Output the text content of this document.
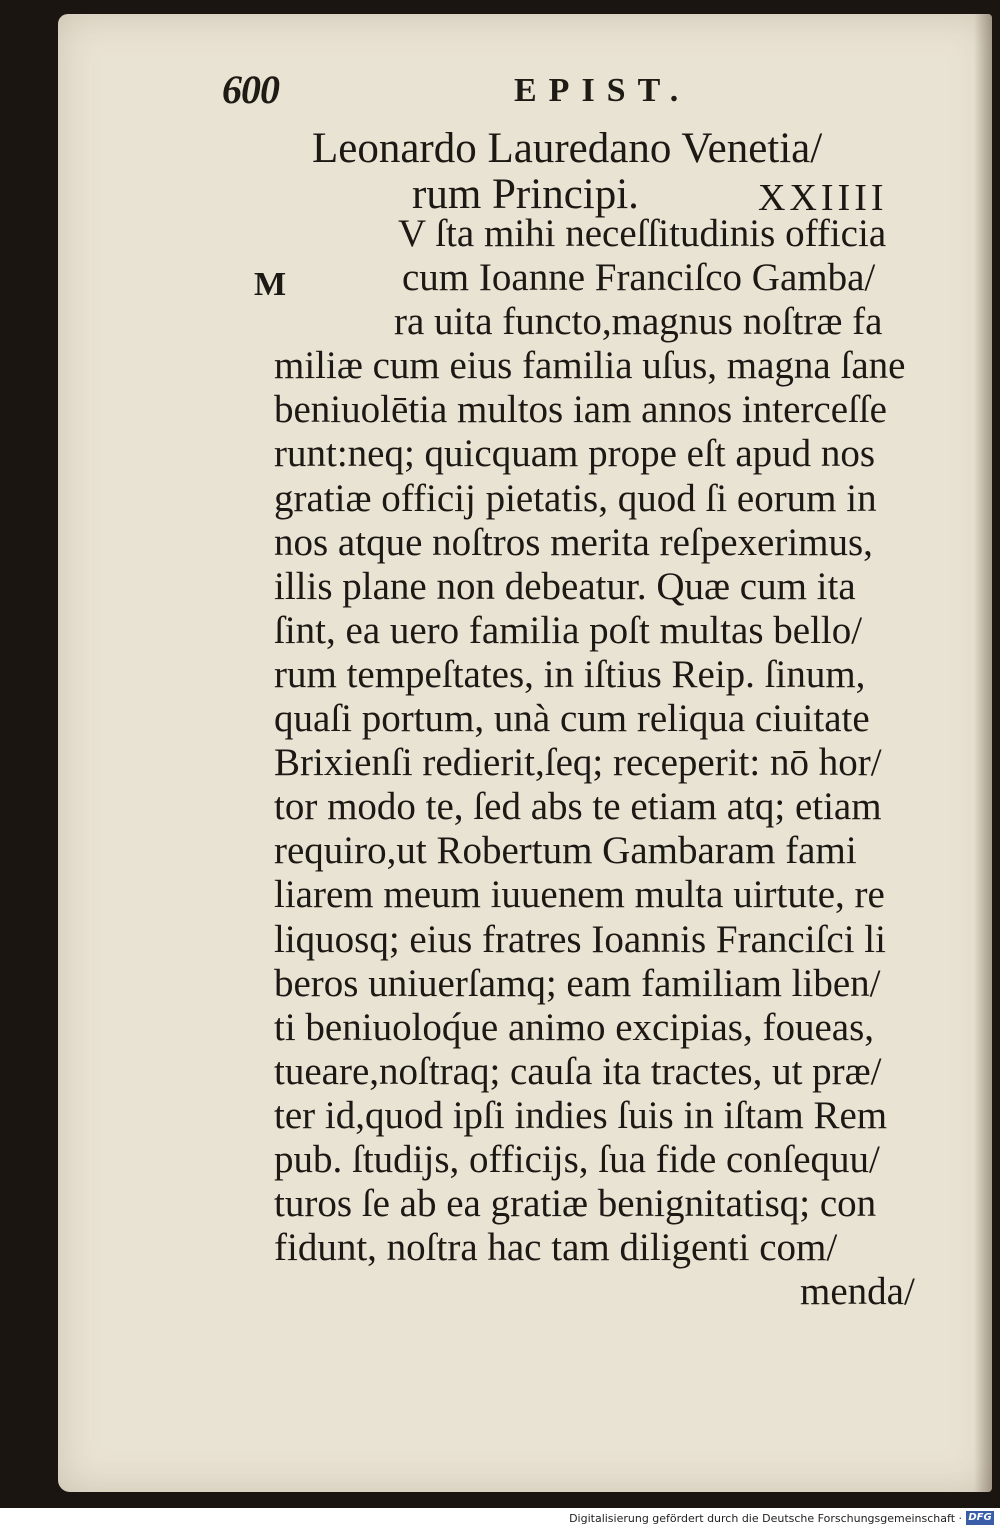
600	EPIST.
Leonardo Lauredano Venetia/
rum Principi.	XXIIII
M
V ſta mihi neceſſitudinis officia
cum Ioanne Franciſco Gamba/
ra uita functo,magnus noſtræ fa
miliæ cum eius familia uſus, magna ſane
beniuolētia multos iam annos interceſſe
runt:neq; quicquam prope eſt apud nos
gratiæ officij pietatis, quod ſi eorum in
nos atque noſtros merita reſpexerimus,
illis plane non debeatur. Quæ cum ita
ſint, ea uero familia poſt multas bello/
rum tempeſtates, in iſtius Reip. ſinum,
quaſi portum, unà cum reliqua ciuitate
Brixienſi redierit,ſeq; receperit: nō hor/
tor modo te, ſed abs te etiam atq; etiam
requiro,ut Robertum Gambaram fami
liarem meum iuuenem multa uirtute, re
liquosq; eius fratres Ioannis Franciſci li
beros uniuerſamq; eam familiam liben/
ti beniuoloq́ue animo excipias, foueas,
tueare,noſtraq; cauſa ita tractes, ut præ/
ter id,quod ipſi indies ſuis in iſtam Rem
pub. ſtudijs, officijs, ſua fide conſequu/
turos ſe ab ea gratiæ benignitatisq; con
fidunt, noſtra hac tam diligenti com/
menda/
Digitalisierung gefördert durch die Deutsche Forschungsgemeinschaft · DFG
